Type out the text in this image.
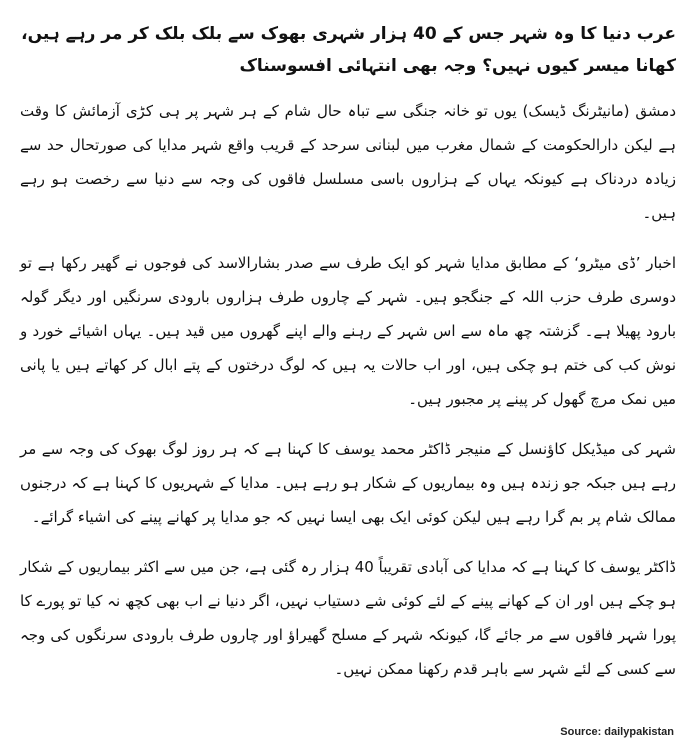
عرب دنیا کا وہ شہر جس کے 40 ہزار شہری بھوک سے بلک بلک کر مر رہے ہیں، کھانا میسر کیوں نہیں؟ وجہ بھی انتہائی افسوسناک

دمشق (مانیٹرنگ ڈیسک) یوں تو خانہ جنگی سے تباہ حال شام کے ہر شہر پر ہی کڑی آزمائش کا وقت ہے لیکن دارالحکومت کے شمال مغرب میں لبنانی سرحد کے قریب واقع شہر مدایا کی صورتحال حد سے زیادہ دردناک ہے کیونکہ یہاں کے ہزاروں باسی مسلسل فاقوں کی وجہ سے دنیا سے رخصت ہو رہے ہیں۔

اخبار ’ڈی میٹرو‘ کے مطابق مدایا شہر کو ایک طرف سے صدر بشارالاسد کی فوجوں نے گھیر رکھا ہے تو دوسری طرف حزب اللہ کے جنگجو ہیں۔ شہر کے چاروں طرف ہزاروں بارودی سرنگیں اور دیگر گولہ بارود پھیلا ہے۔ گزشتہ چھ ماہ سے اس شہر کے رہنے والے اپنے گھروں میں قید ہیں۔ یہاں اشیائے خورد و نوش کب کی ختم ہو چکی ہیں، اور اب حالات یہ ہیں کہ لوگ درختوں کے پتے ابال کر کھاتے ہیں یا پانی میں نمک مرچ گھول کر پینے پر مجبور ہیں۔

شہر کی میڈیکل کاؤنسل کے منیجر ڈاکٹر محمد یوسف کا کہنا ہے کہ ہر روز لوگ بھوک کی وجہ سے مر رہے ہیں جبکہ جو زندہ ہیں وہ بیماریوں کے شکار ہو رہے ہیں۔ مدایا کے شہریوں کا کہنا ہے کہ درجنوں ممالک شام پر بم گرا رہے ہیں لیکن کوئی ایک بھی ایسا نہیں کہ جو مدایا پر کھانے پینے کی اشیاء گرائے۔

ڈاکٹر یوسف کا کہنا ہے کہ مدایا کی آبادی تقریباً 40 ہزار رہ گئی ہے، جن میں سے اکثر بیماریوں کے شکار ہو چکے ہیں اور ان کے کھانے پینے کے لئے کوئی شے دستیاب نہیں، اگر دنیا نے اب بھی کچھ نہ کیا تو پورے کا پورا شہر فاقوں سے مر جائے گا، کیونکہ شہر کے مسلح گھیراؤ اور چاروں طرف بارودی سرنگوں کی وجہ سے کسی کے لئے شہر سے باہر قدم رکھنا ممکن نہیں۔

Source: dailypakistan
